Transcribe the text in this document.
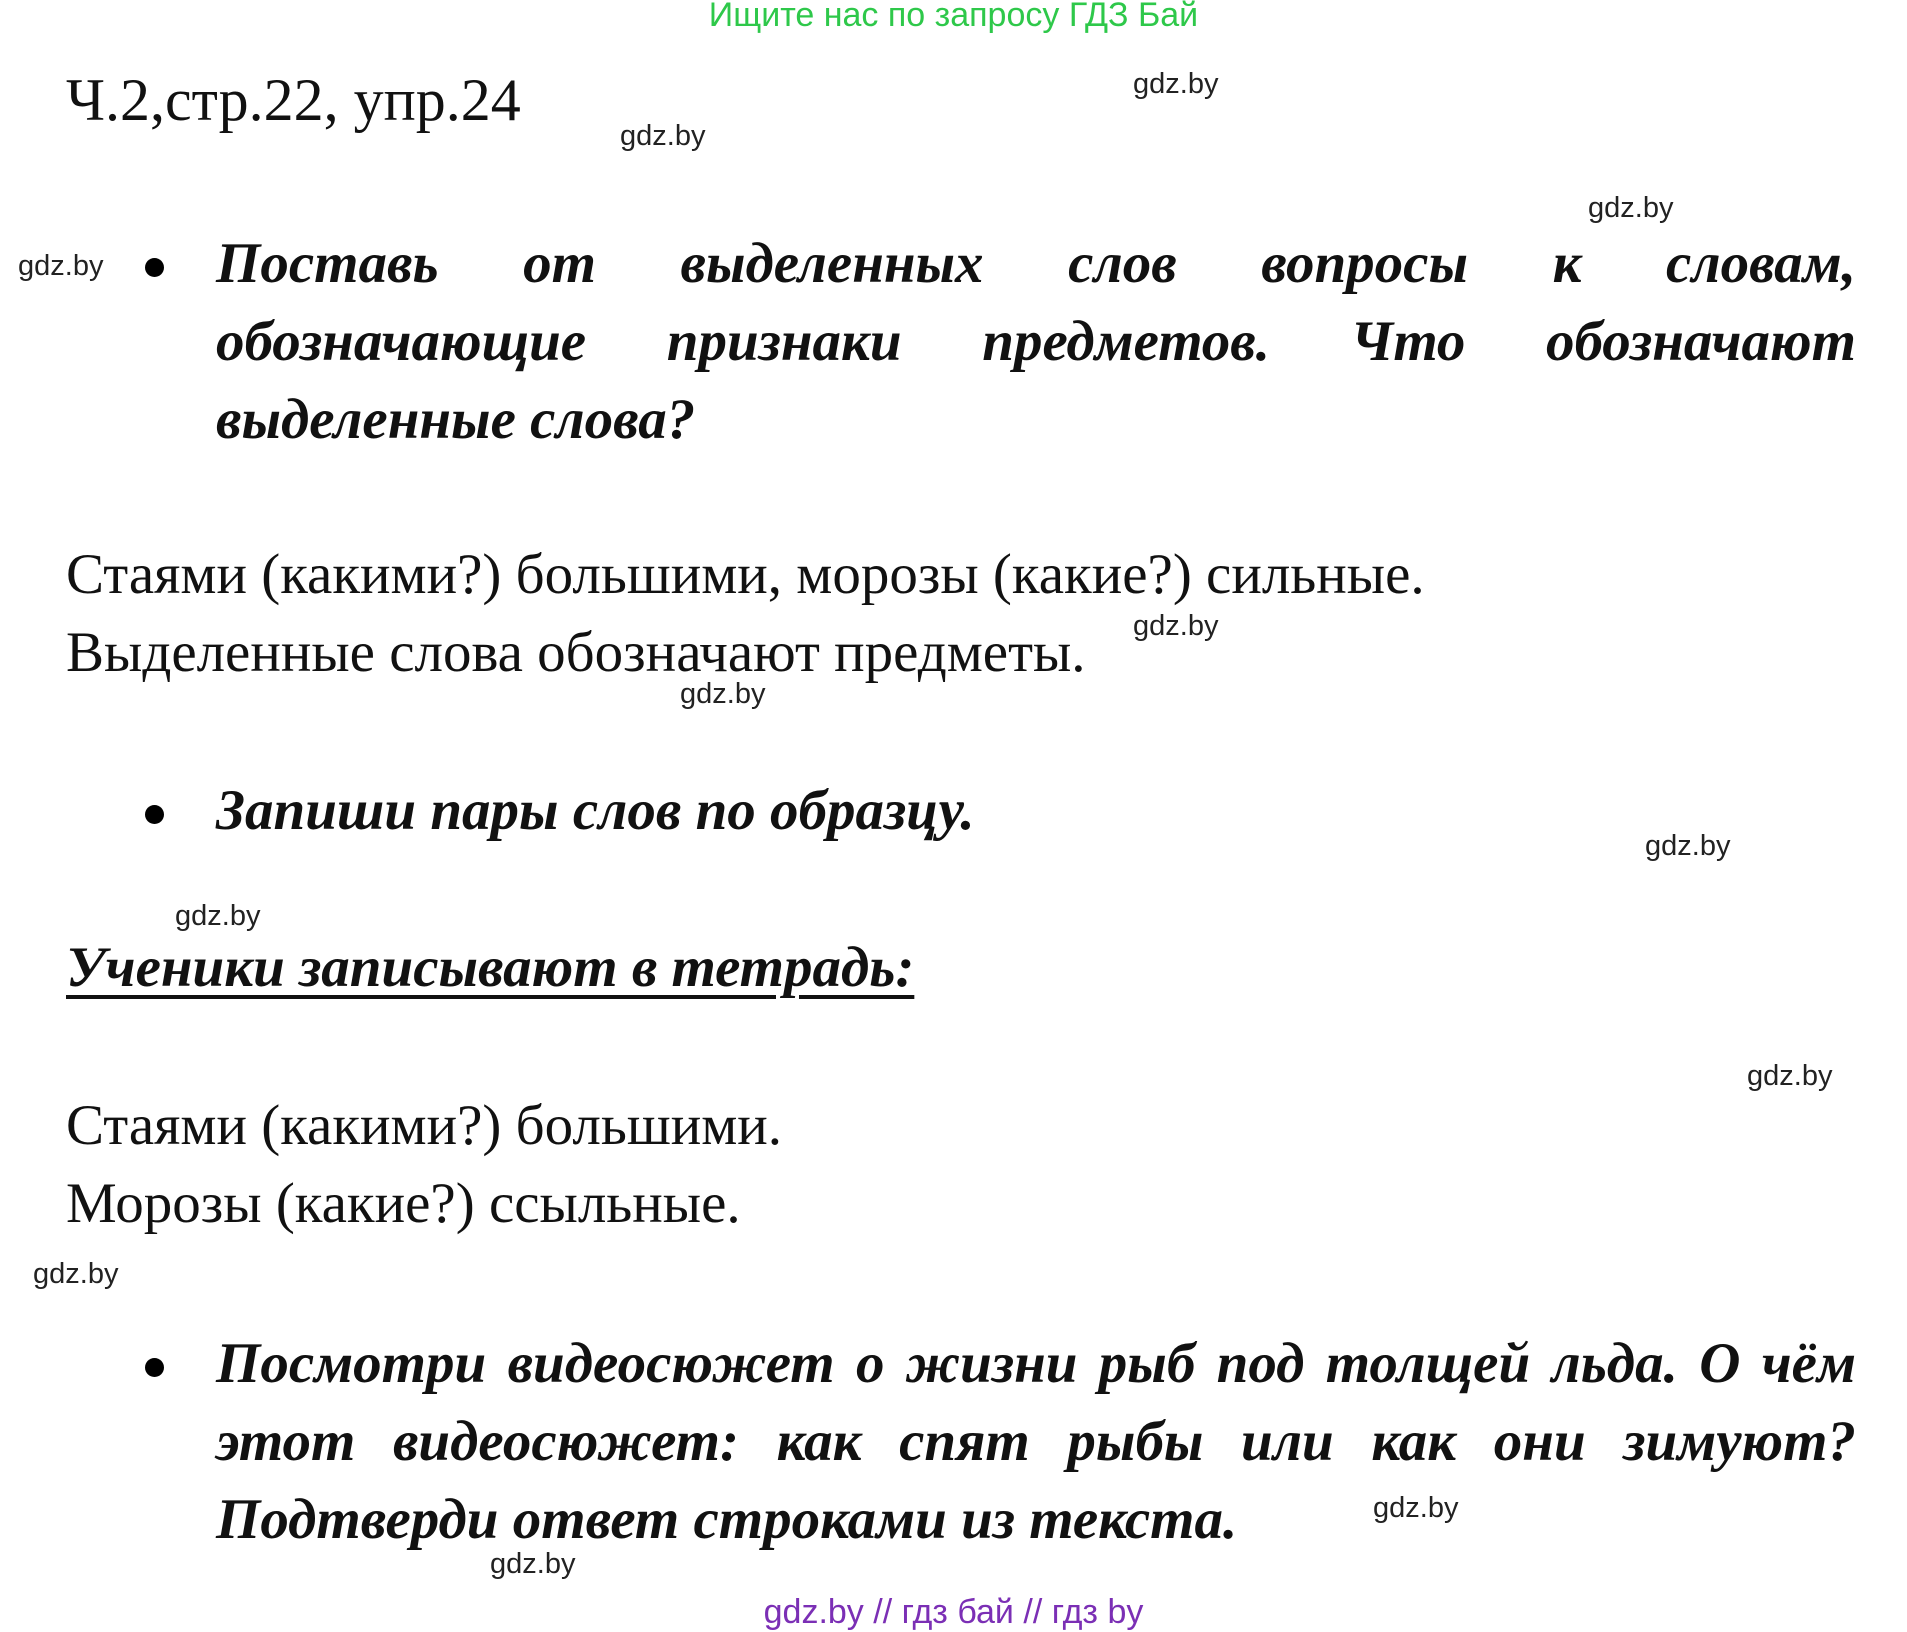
Ищите нас по запросу ГДЗ Бай
Ч.2,стр.22, упр.24	gdz.by
gdz.by
gdz.by
gdz.by
gdz.by
gdz.by
gdz.by
gdz.by
gdz.by
gdz.by
gdz.by
gdz.by
Поставь от выделенных слов вопросы к словам,
обозначающие признаки предметов. Что обозначают
выделенные слова?
Стаями (какими?) большими, морозы (какие?) сильные.
Выделенные слова обозначают предметы.
Запиши пары слов по образцу.
Ученики записывают в тетрадь:
Стаями (какими?) большими.
Морозы (какие?) ссыльные.
Посмотри видеосюжет о жизни рыб под толщей льда. О чём
этот видеосюжет: как спят рыбы или как они зимуют?
Подтверди ответ строками из текста.
gdz.by // гдз бай // гдз by
